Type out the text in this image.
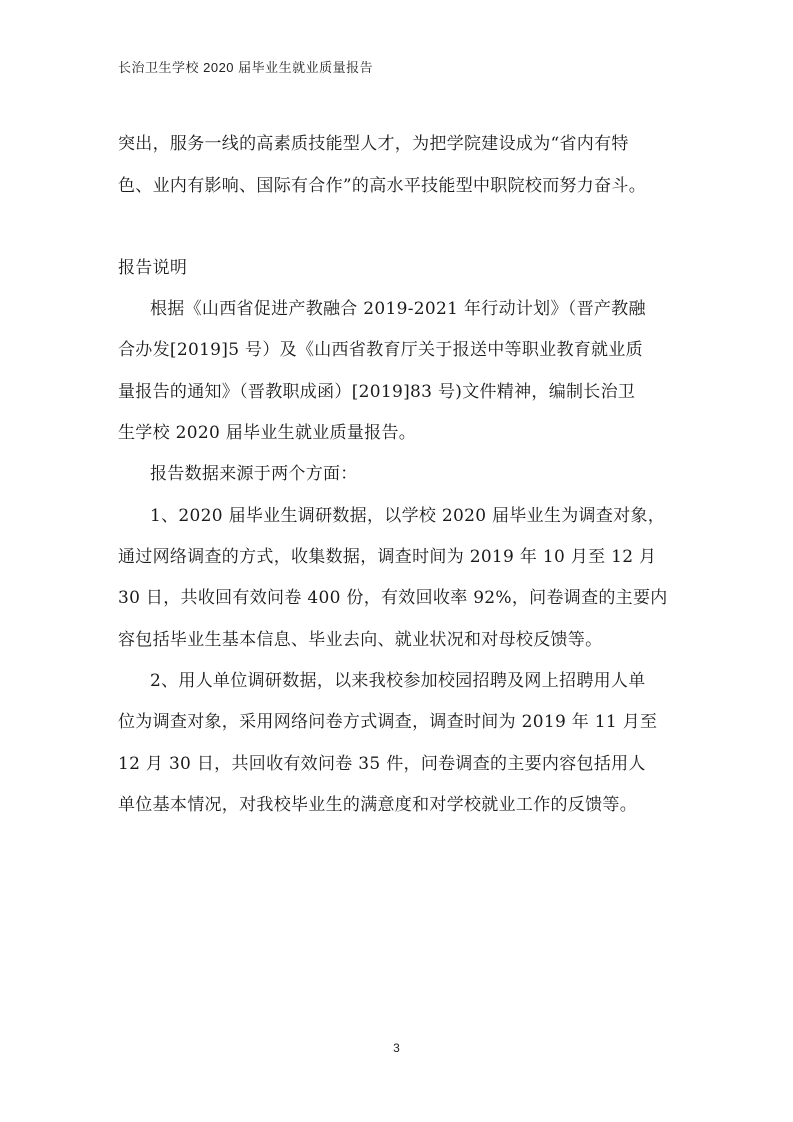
长治卫生学校 2020 届毕业生就业质量报告
突出，服务一线的高素质技能型人才，为把学院建设成为“省内有特
色、业内有影响、国际有合作”的高水平技能型中职院校而努力奋斗。
报告说明
根据《山西省促进产教融合 2019-2021 年行动计划》（晋产教融
合办发[2019]5 号）及《山西省教育厅关于报送中等职业教育就业质
量报告的通知》（晋教职成函）[2019]83 号)文件精神，编制长治卫
生学校 2020 届毕业生就业质量报告。
报告数据来源于两个方面：
1、2020 届毕业生调研数据，以学校 2020 届毕业生为调查对象，
通过网络调查的方式，收集数据，调查时间为 2019 年 10 月至 12 月
30 日，共收回有效问卷 400 份，有效回收率 92%，问卷调查的主要内
容包括毕业生基本信息、毕业去向、就业状况和对母校反馈等。
2、用人单位调研数据，以来我校参加校园招聘及网上招聘用人单
位为调查对象，采用网络问卷方式调查，调查时间为 2019 年 11 月至
12 月 30 日，共回收有效问卷 35 件，问卷调查的主要内容包括用人
单位基本情况，对我校毕业生的满意度和对学校就业工作的反馈等。
3
